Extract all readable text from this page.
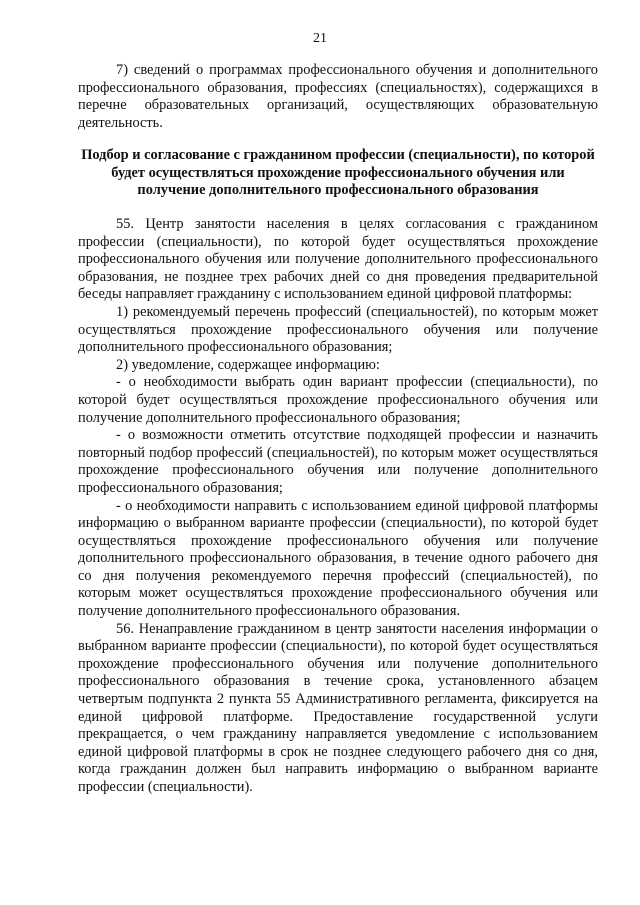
21

7) сведений о программах профессионального обучения и дополнительного профессионального образования, профессиях (специальностях), содержащихся в перечне образовательных организаций, осуществляющих образовательную деятельность.

Подбор и согласование с гражданином профессии (специальности), по которой будет осуществляться прохождение профессионального обучения или получение дополнительного профессионального образования

55. Центр занятости населения в целях согласования с гражданином профессии (специальности), по которой будет осуществляться прохождение профессионального обучения или получение дополнительного профессионального образования, не позднее трех рабочих дней со дня проведения предварительной беседы направляет гражданину с использованием единой цифровой платформы:

1) рекомендуемый перечень профессий (специальностей), по которым может осуществляться прохождение профессионального обучения или получение дополнительного профессионального образования;

2) уведомление, содержащее информацию:

- о необходимости выбрать один вариант профессии (специальности), по которой будет осуществляться прохождение профессионального обучения или получение дополнительного профессионального образования;

- о возможности отметить отсутствие подходящей профессии и назначить повторный подбор профессий (специальностей), по которым может осуществляться прохождение профессионального обучения или получение дополнительного профессионального образования;

- о необходимости направить с использованием единой цифровой платформы информацию о выбранном варианте профессии (специальности), по которой будет осуществляться прохождение профессионального обучения или получение дополнительного профессионального образования, в течение одного рабочего дня со дня получения рекомендуемого перечня профессий (специальностей), по которым может осуществляться прохождение профессионального обучения или получение дополнительного профессионального образования.

56. Ненаправление гражданином в центр занятости населения информации о выбранном варианте профессии (специальности), по которой будет осуществляться прохождение профессионального обучения или получение дополнительного профессионального образования в течение срока, установленного абзацем четвертым подпункта 2 пункта 55 Административного регламента, фиксируется на единой цифровой платформе. Предоставление государственной услуги прекращается, о чем гражданину направляется уведомление с использованием единой цифровой платформы в срок не позднее следующего рабочего дня со дня, когда гражданин должен был направить информацию о выбранном варианте профессии (специальности).
